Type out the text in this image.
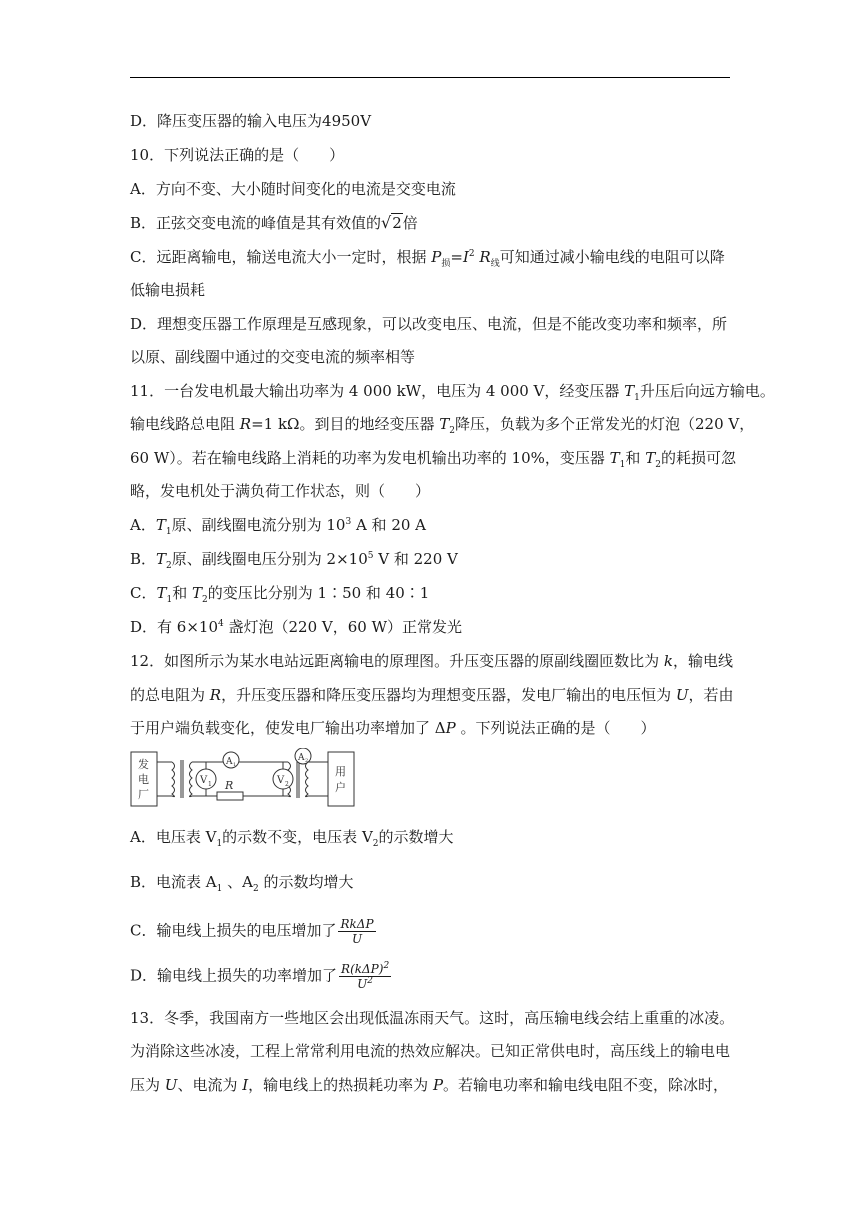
D．降压变压器的输入电压为4950V
10．下列说法正确的是（　　）
A．方向不变、大小随时间变化的电流是交变电流
B．正弦交变电流的峰值是其有效值的√2倍
C．远距离输电，输送电流大小一定时，根据 $P_损=I^2$ $R_线$可知通过减小输电线的电阻可以降
低输电损耗
D．理想变压器工作原理是互感现象，可以改变电压、电流，但是不能改变功率和频率，所
以原、副线圈中通过的交变电流的频率相等
11．一台发电机最大输出功率为 4 000 kW，电压为 4 000 V，经变压器 $T_1$升压后向远方输电。
输电线路总电阻 R=1 kΩ。到目的地经变压器 $T_2$降压，负载为多个正常发光的灯泡（220 V，
60 W）。若在输电线路上消耗的功率为发电机输出功率的 10%，变压器 $T_1$和 $T_2$的耗损可忽
略，发电机处于满负荷工作状态，则（　　）
A．$T_1$原、副线圈电流分别为 $10^3$ A 和 20 A
B．$T_2$原、副线圈电压分别为 $2\times 10^5$ V 和 220 V
C．$T_1$和 $T_2$的变压比分别为 1∶50 和 40∶1
D．有 $6\times 10^4$ 盏灯泡（220 V，60 W）正常发光
12．如图所示为某水电站远距离输电的原理图。升压变压器的原副线圈匝数比为 k，输电线
的总电阻为 R，升压变压器和降压变压器均为理想变压器，发电厂输出的电压恒为 U，若由
于用户端负载变化，使发电厂输出功率增加了 ΔP 。下列说法正确的是（　　）
发
电
厂
用
户
V 1
A 1
V 2
A 2
R
A．电压表 $V_1$的示数不变，电压表 $V_2$的示数增大
B．电流表 $A_1$ 、$A_2$ 的示数均增大
C．输电线上损失的电压增加了 $\frac{\text{RkΔP}}{U}$
D．输电线上损失的功率增加了 $\frac{R(k\Delta P)^2}{U^2}$
13．冬季，我国南方一些地区会出现低温冻雨天气。这时，高压输电线会结上重重的冰凌。
为消除这些冰凌，工程上常常利用电流的热效应解决。已知正常供电时，高压线上的输电电
压为 U、电流为 I，输电线上的热损耗功率为 P。若输电功率和输电线电阻不变，除冰时，
